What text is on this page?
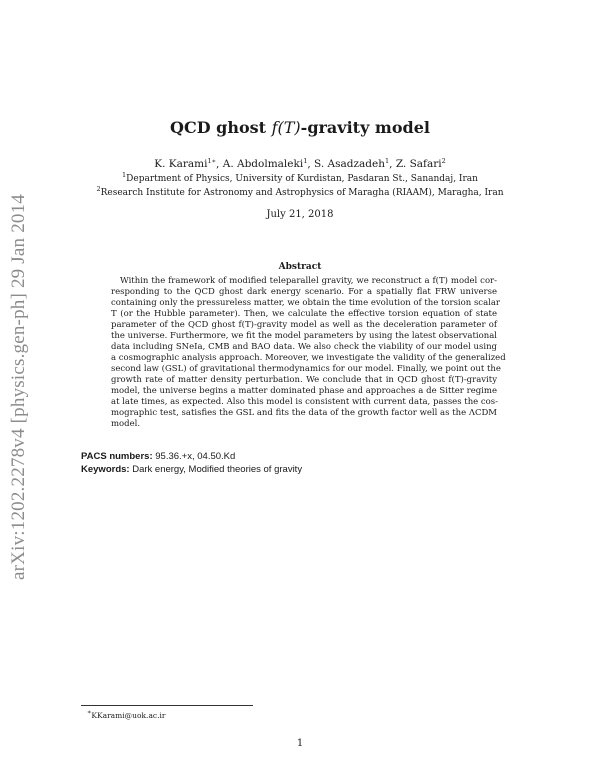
arXiv:1202.2278v4 [physics.gen-ph] 29 Jan 2014
QCD ghost f(T)-gravity model
K. Karami$^{1∗}$, A. Abdolmaleki$^1$, S. Asadzadeh$^1$, Z. Safari$^2$
$^1$Department of Physics, University of Kurdistan, Pasdaran St., Sanandaj, Iran
$^2$Research Institute for Astronomy and Astrophysics of Maragha (RIAAM), Maragha, Iran
July 21, 2018
Abstract
Within the framework of modified teleparallel gravity, we reconstruct a f(T) model cor-
responding to the QCD ghost dark energy scenario. For a spatially flat FRW universe
containing only the pressureless matter, we obtain the time evolution of the torsion scalar
T (or the Hubble parameter). Then, we calculate the effective torsion equation of state
parameter of the QCD ghost f(T)-gravity model as well as the deceleration parameter of
the universe. Furthermore, we fit the model parameters by using the latest observational
data including SNeIa, CMB and BAO data. We also check the viability of our model using
a cosmographic analysis approach. Moreover, we investigate the validity of the generalized
second law (GSL) of gravitational thermodynamics for our model. Finally, we point out the
growth rate of matter density perturbation. We conclude that in QCD ghost f(T)-gravity
model, the universe begins a matter dominated phase and approaches a de Sitter regime
at late times, as expected. Also this model is consistent with current data, passes the cos-
mographic test, satisfies the GSL and fits the data of the growth factor well as the ΛCDM
model.
PACS numbers: 95.36.+x, 04.50.Kd
Keywords: Dark energy, Modified theories of gravity
∗KKarami@uok.ac.ir
1
